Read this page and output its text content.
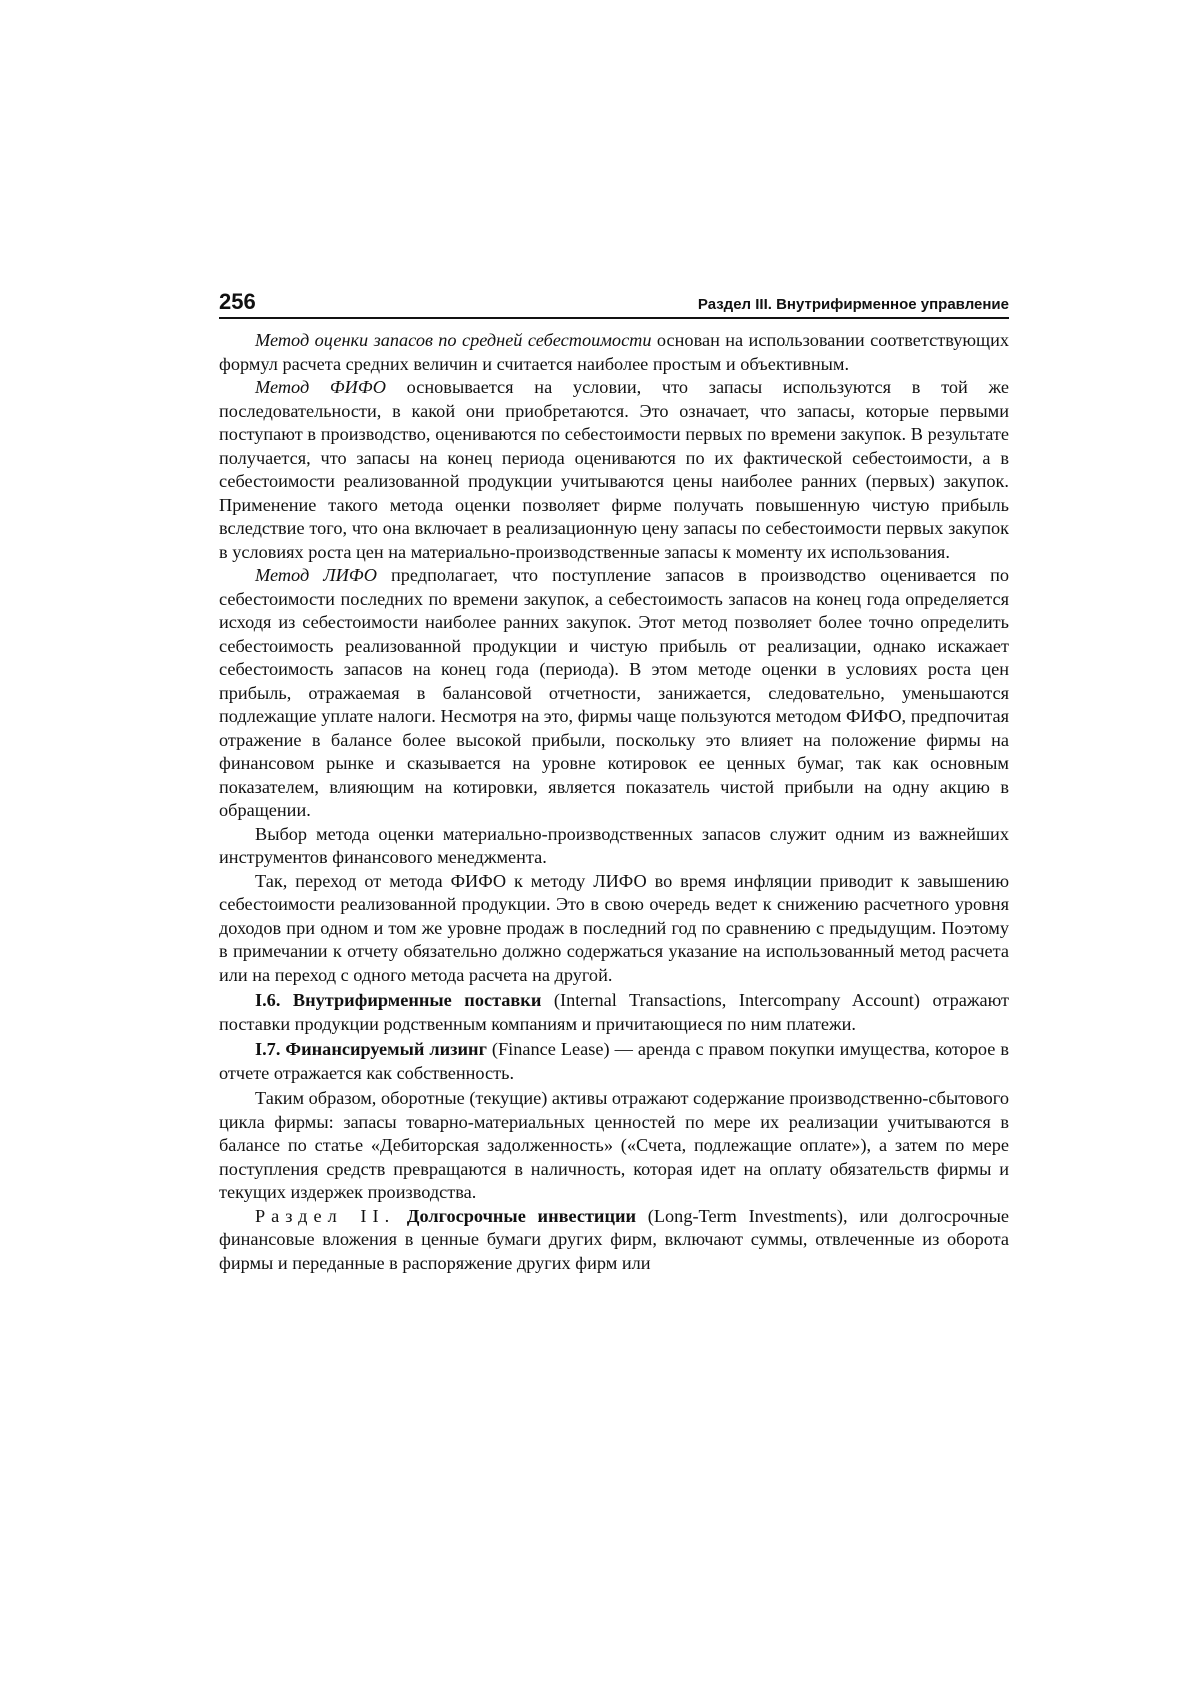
256	Раздел III. Внутрифирменное управление

Метод оценки запасов по средней себестоимости основан на использовании соответствующих формул расчета средних величин и считается наиболее простым и объективным.

Метод ФИФО основывается на условии, что запасы используются в той же последовательности, в какой они приобретаются. Это означает, что запасы, которые первыми поступают в производство, оцениваются по себестоимости первых по времени закупок. В результате получается, что запасы на конец периода оцениваются по их фактической себестоимости, а в себестоимости реализованной продукции учитываются цены наиболее ранних (первых) закупок. Применение такого метода оценки позволяет фирме получать повышенную чистую прибыль вследствие того, что она включает в реализационную цену запасы по себестоимости первых закупок в условиях роста цен на материально-производственные запасы к моменту их использования.

Метод ЛИФО предполагает, что поступление запасов в производство оценивается по себестоимости последних по времени закупок, а себестоимость запасов на конец года определяется исходя из себестоимости наиболее ранних закупок. Этот метод позволяет более точно определить себестоимость реализованной продукции и чистую прибыль от реализации, однако искажает себестоимость запасов на конец года (периода). В этом методе оценки в условиях роста цен прибыль, отражаемая в балансовой отчетности, занижается, следовательно, уменьшаются подлежащие уплате налоги. Несмотря на это, фирмы чаще пользуются методом ФИФО, предпочитая отражение в балансе более высокой прибыли, поскольку это влияет на положение фирмы на финансовом рынке и сказывается на уровне котировок ее ценных бумаг, так как основным показателем, влияющим на котировки, является показатель чистой прибыли на одну акцию в обращении.

Выбор метода оценки материально-производственных запасов служит одним из важнейших инструментов финансового менеджмента.

Так, переход от метода ФИФО к методу ЛИФО во время инфляции приводит к завышению себестоимости реализованной продукции. Это в свою очередь ведет к снижению расчетного уровня доходов при одном и том же уровне продаж в последний год по сравнению с предыдущим. Поэтому в примечании к отчету обязательно должно содержаться указание на использованный метод расчета или на переход с одного метода расчета на другой.

I.6. Внутрифирменные поставки (Internal Transactions, Intercompany Account) отражают поставки продукции родственным компаниям и причитающиеся по ним платежи.

I.7. Финансируемый лизинг (Finance Lease) — аренда с правом покупки имущества, которое в отчете отражается как собственность.

Таким образом, оборотные (текущие) активы отражают содержание производственно-сбытового цикла фирмы: запасы товарно-материальных ценностей по мере их реализации учитываются в балансе по статье «Дебиторская задолженность» («Счета, подлежащие оплате»), а затем по мере поступления средств превращаются в наличность, которая идет на оплату обязательств фирмы и текущих издержек производства.

Раздел II. Долгосрочные инвестиции (Long-Term Investments), или долгосрочные финансовые вложения в ценные бумаги других фирм, включают суммы, отвлеченные из оборота фирмы и переданные в распоряжение других фирм или
